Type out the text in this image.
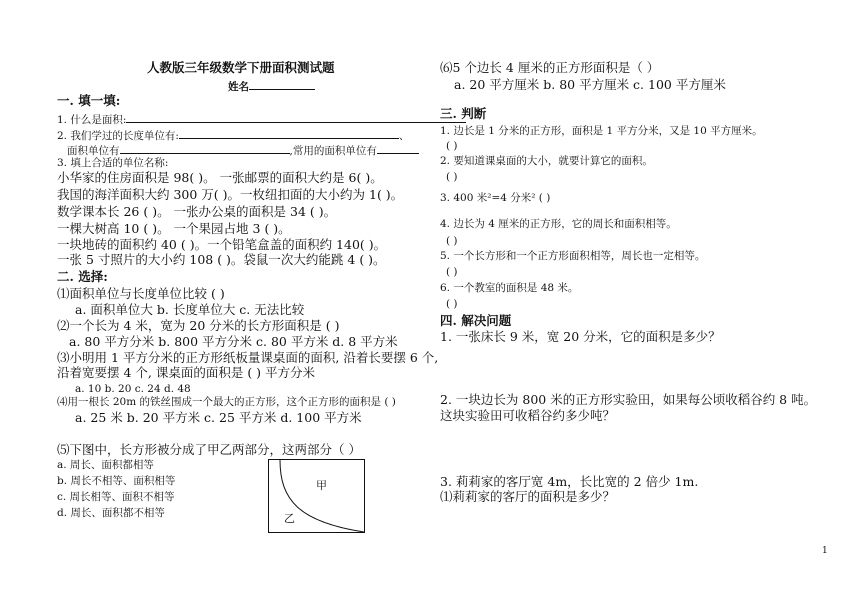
人教版三年级数学下册面积测试题
姓名
一. 填一填:
1. 什么是面积:
2. 我们学过的长度单位有:	、
面积单位有	,常用的面积单位有
3. 填上合适的单位名称:
小华家的住房面积是 98( )。 一张邮票的面积大约是 6( )。
我国的海洋面积大约 300 万( )。一枚纽扣面的大小约为 1( )。
数学课本长 26 ( )。 一张办公桌的面积是 34 ( )。
一棵大树高 10 ( )。 一个果园占地 3 ( )。
一块地砖的面积约 40 ( )。一个铅笔盒盖的面积约 140( )。
一张 5 寸照片的大小约 108 ( )。袋鼠一次大约能跳 4 ( )。
二. 选择:
⑴面积单位与长度单位比较 ( )
a. 面积单位大 b. 长度单位大 c. 无法比较
⑵一个长为 4 米，宽为 20 分米的长方形面积是 ( )
a. 80 平方分米 b. 800 平方分米 c. 80 平方米 d. 8 平方米
⑶小明用 1 平方分米的正方形纸板量课桌面的面积, 沿着长要摆 6 个,
沿着宽要摆 4 个, 课桌面的面积是 ( ) 平方分米
a. 10 b. 20 c. 24 d. 48
⑷用一根长 20m 的铁丝围成一个最大的正方形，这个正方形的面积是 ( )
a. 25 米 b. 20 平方米 c. 25 平方米 d. 100 平方米
⑸下图中，长方形被分成了甲乙两部分，这两部分（ ）
a. 周长、面积都相等
b. 周长不相等、面积相等
c. 周长相等、面积不相等
d. 周长、面积都不相等
甲
乙
⑹5 个边长 4 厘米的正方形面积是（ ）
a. 20 平方厘米 b. 80 平方厘米 c. 100 平方厘米
三. 判断
1. 边长是 1 分米的正方形，面积是 1 平方分米，又是 10 平方厘米。
( )
2. 要知道课桌面的大小，就要计算它的面积。
( )
3. 400 米²=4 分米² ( )
4. 边长为 4 厘米的正方形，它的周长和面积相等。
( )
5. 一个长方形和一个正方形面积相等，周长也一定相等。
( )
6. 一个教室的面积是 48 米。
( )
四. 解决问题
1. 一张床长 9 米，宽 20 分米，它的面积是多少？
2. 一块边长为 800 米的正方形实验田，如果每公顷收稻谷约 8 吨。
这块实验田可收稻谷约多少吨？
3. 莉莉家的客厅宽 4m，长比宽的 2 倍少 1m.
⑴莉莉家的客厅的面积是多少？
1
